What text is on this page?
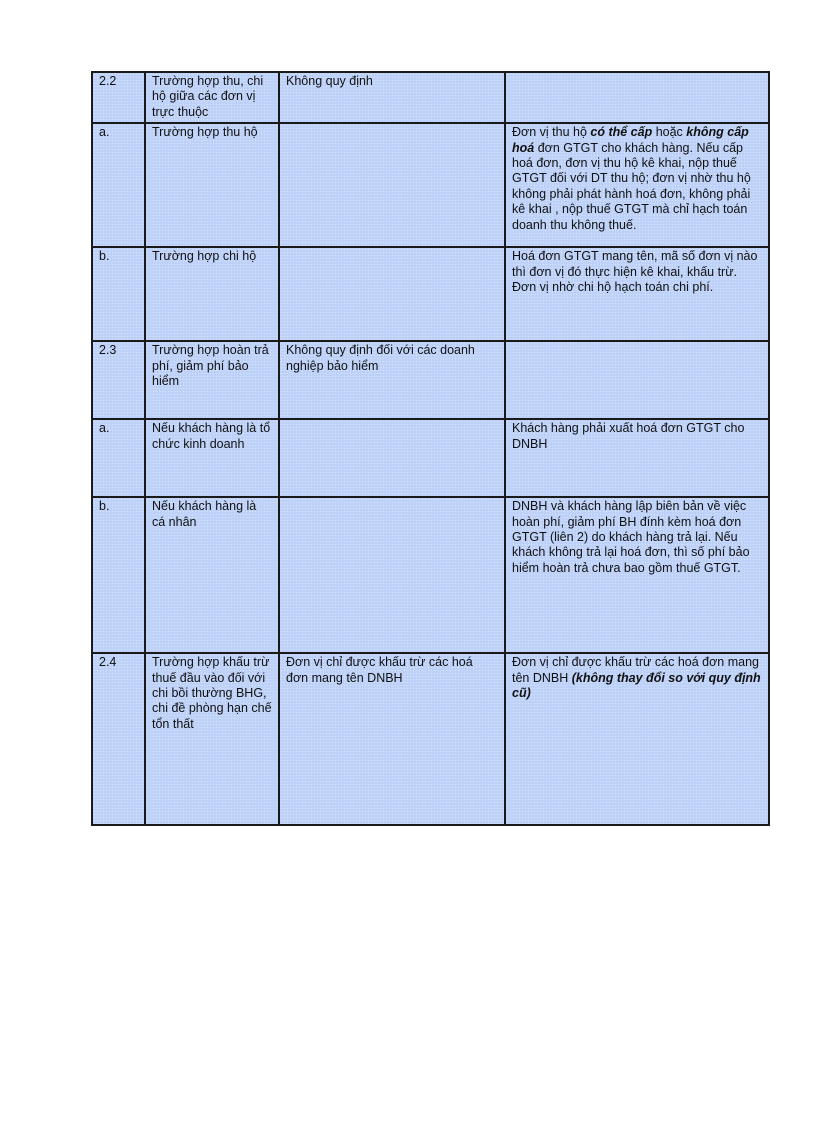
2.2	Trường hợp thu, chi hộ giữa các đơn vị trực thuộc	Không quy định	
a.	Trường hợp thu hộ		Đơn vị thu hộ có thể cấp hoặc không cấp hoá đơn GTGT cho khách hàng. Nếu cấp hoá đơn, đơn vị thu hộ kê khai, nộp thuế GTGT đối với DT thu hộ; đơn vị nhờ thu hộ không phải phát hành hoá đơn, không phải kê khai , nộp thuế GTGT mà chỉ hạch toán doanh thu không thuế.
b.	Trường hợp chi hộ		Hoá đơn GTGT mang tên, mã số đơn vị nào thì đơn vị đó thực hiện kê khai, khấu trừ. Đơn vị nhờ chi hộ hạch toán chi phí.
2.3	Trường hợp hoàn trả phí, giảm phí bảo hiểm	Không quy định đối với các doanh nghiệp bảo hiểm	
a.	Nếu khách hàng là tổ chức kinh doanh		Khách hàng phải xuất hoá đơn GTGT cho DNBH
b.	Nếu khách hàng là cá nhân		DNBH và khách hàng lập biên bản về việc hoàn phí, giảm phí BH đính kèm hoá đơn GTGT (liên 2) do khách hàng trả lại. Nếu khách không trả lại hoá đơn, thì số phí bảo hiểm hoàn trả chưa bao gồm thuế GTGT.
2.4	Trường hợp khấu trừ thuế đầu vào đối với chi bồi thường BHG, chi đề phòng hạn chế tổn thất	Đơn vị chỉ được khấu trừ các hoá đơn mang tên DNBH	Đơn vị chỉ được khấu trừ các hoá đơn mang tên DNBH (không thay đổi so với quy định cũ)
